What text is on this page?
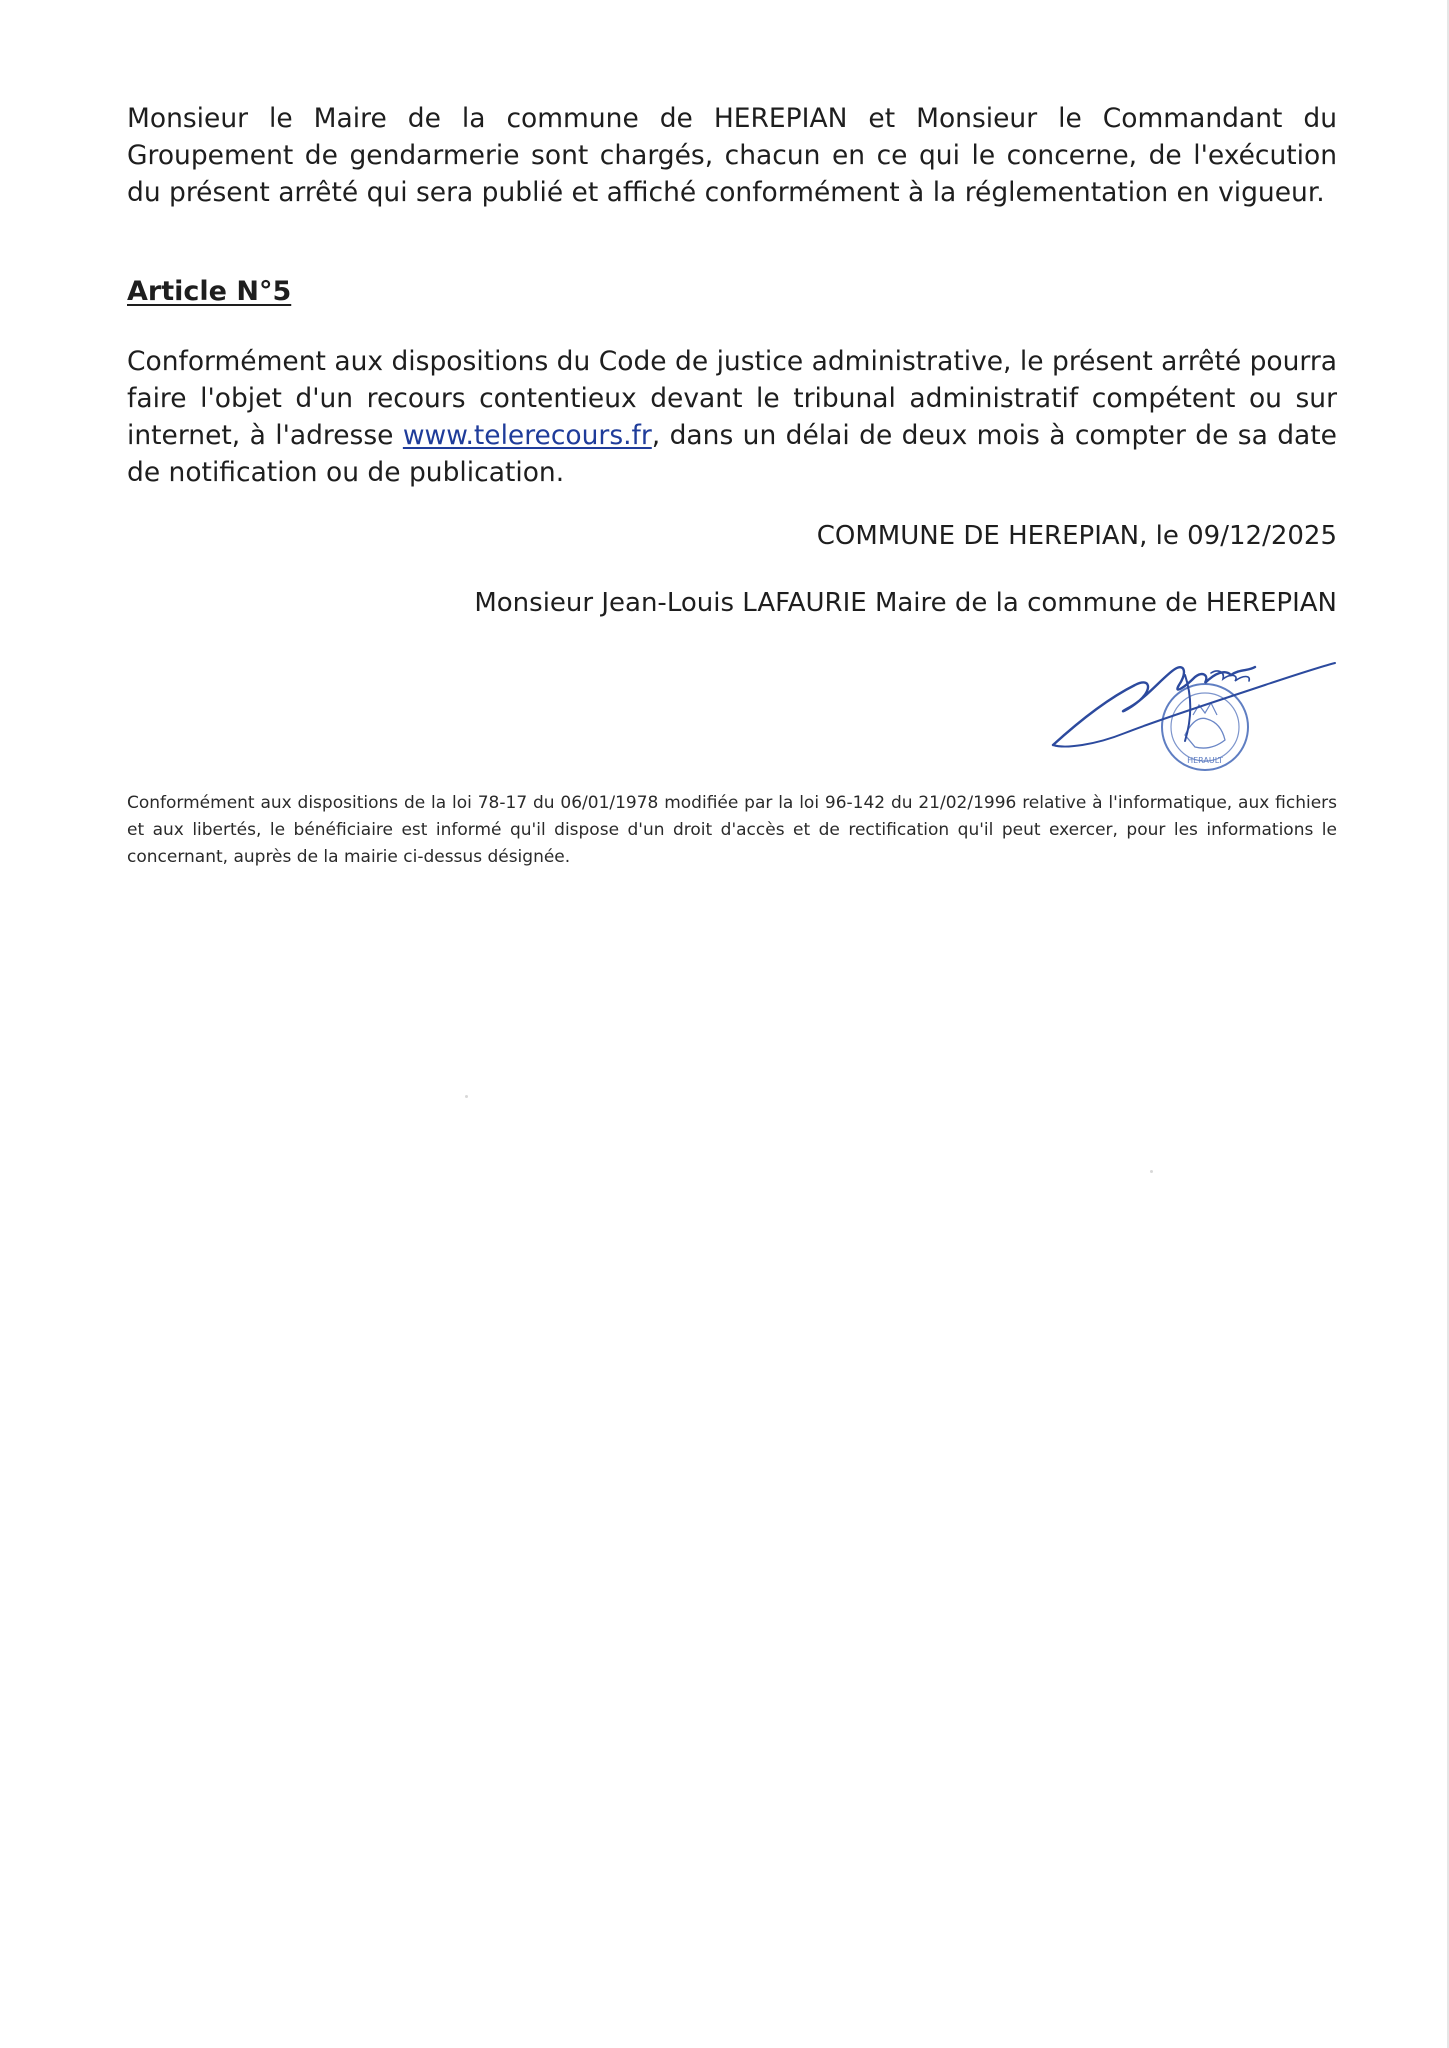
Monsieur le Maire de la commune de HEREPIAN et Monsieur le Commandant du Groupement de gendarmerie sont chargés, chacun en ce qui le concerne, de l'exécution du présent arrêté qui sera publié et affiché conformément à la réglementation en vigueur.

Article N°5

Conformément aux dispositions du Code de justice administrative, le présent arrêté pourra faire l'objet d'un recours contentieux devant le tribunal administratif compétent ou sur internet, à l'adresse www.telerecours.fr, dans un délai de deux mois à compter de sa date de notification ou de publication.

COMMUNE DE HEREPIAN, le 09/12/2025

Monsieur Jean-Louis LAFAURIE Maire de la commune de HEREPIAN

HERAULT

Conformément aux dispositions de la loi 78-17 du 06/01/1978 modifiée par la loi 96-142 du 21/02/1996 relative à l'informatique, aux fichiers et aux libertés, le bénéficiaire est informé qu'il dispose d'un droit d'accès et de rectification qu'il peut exercer, pour les informations le concernant, auprès de la mairie ci-dessus désignée.
